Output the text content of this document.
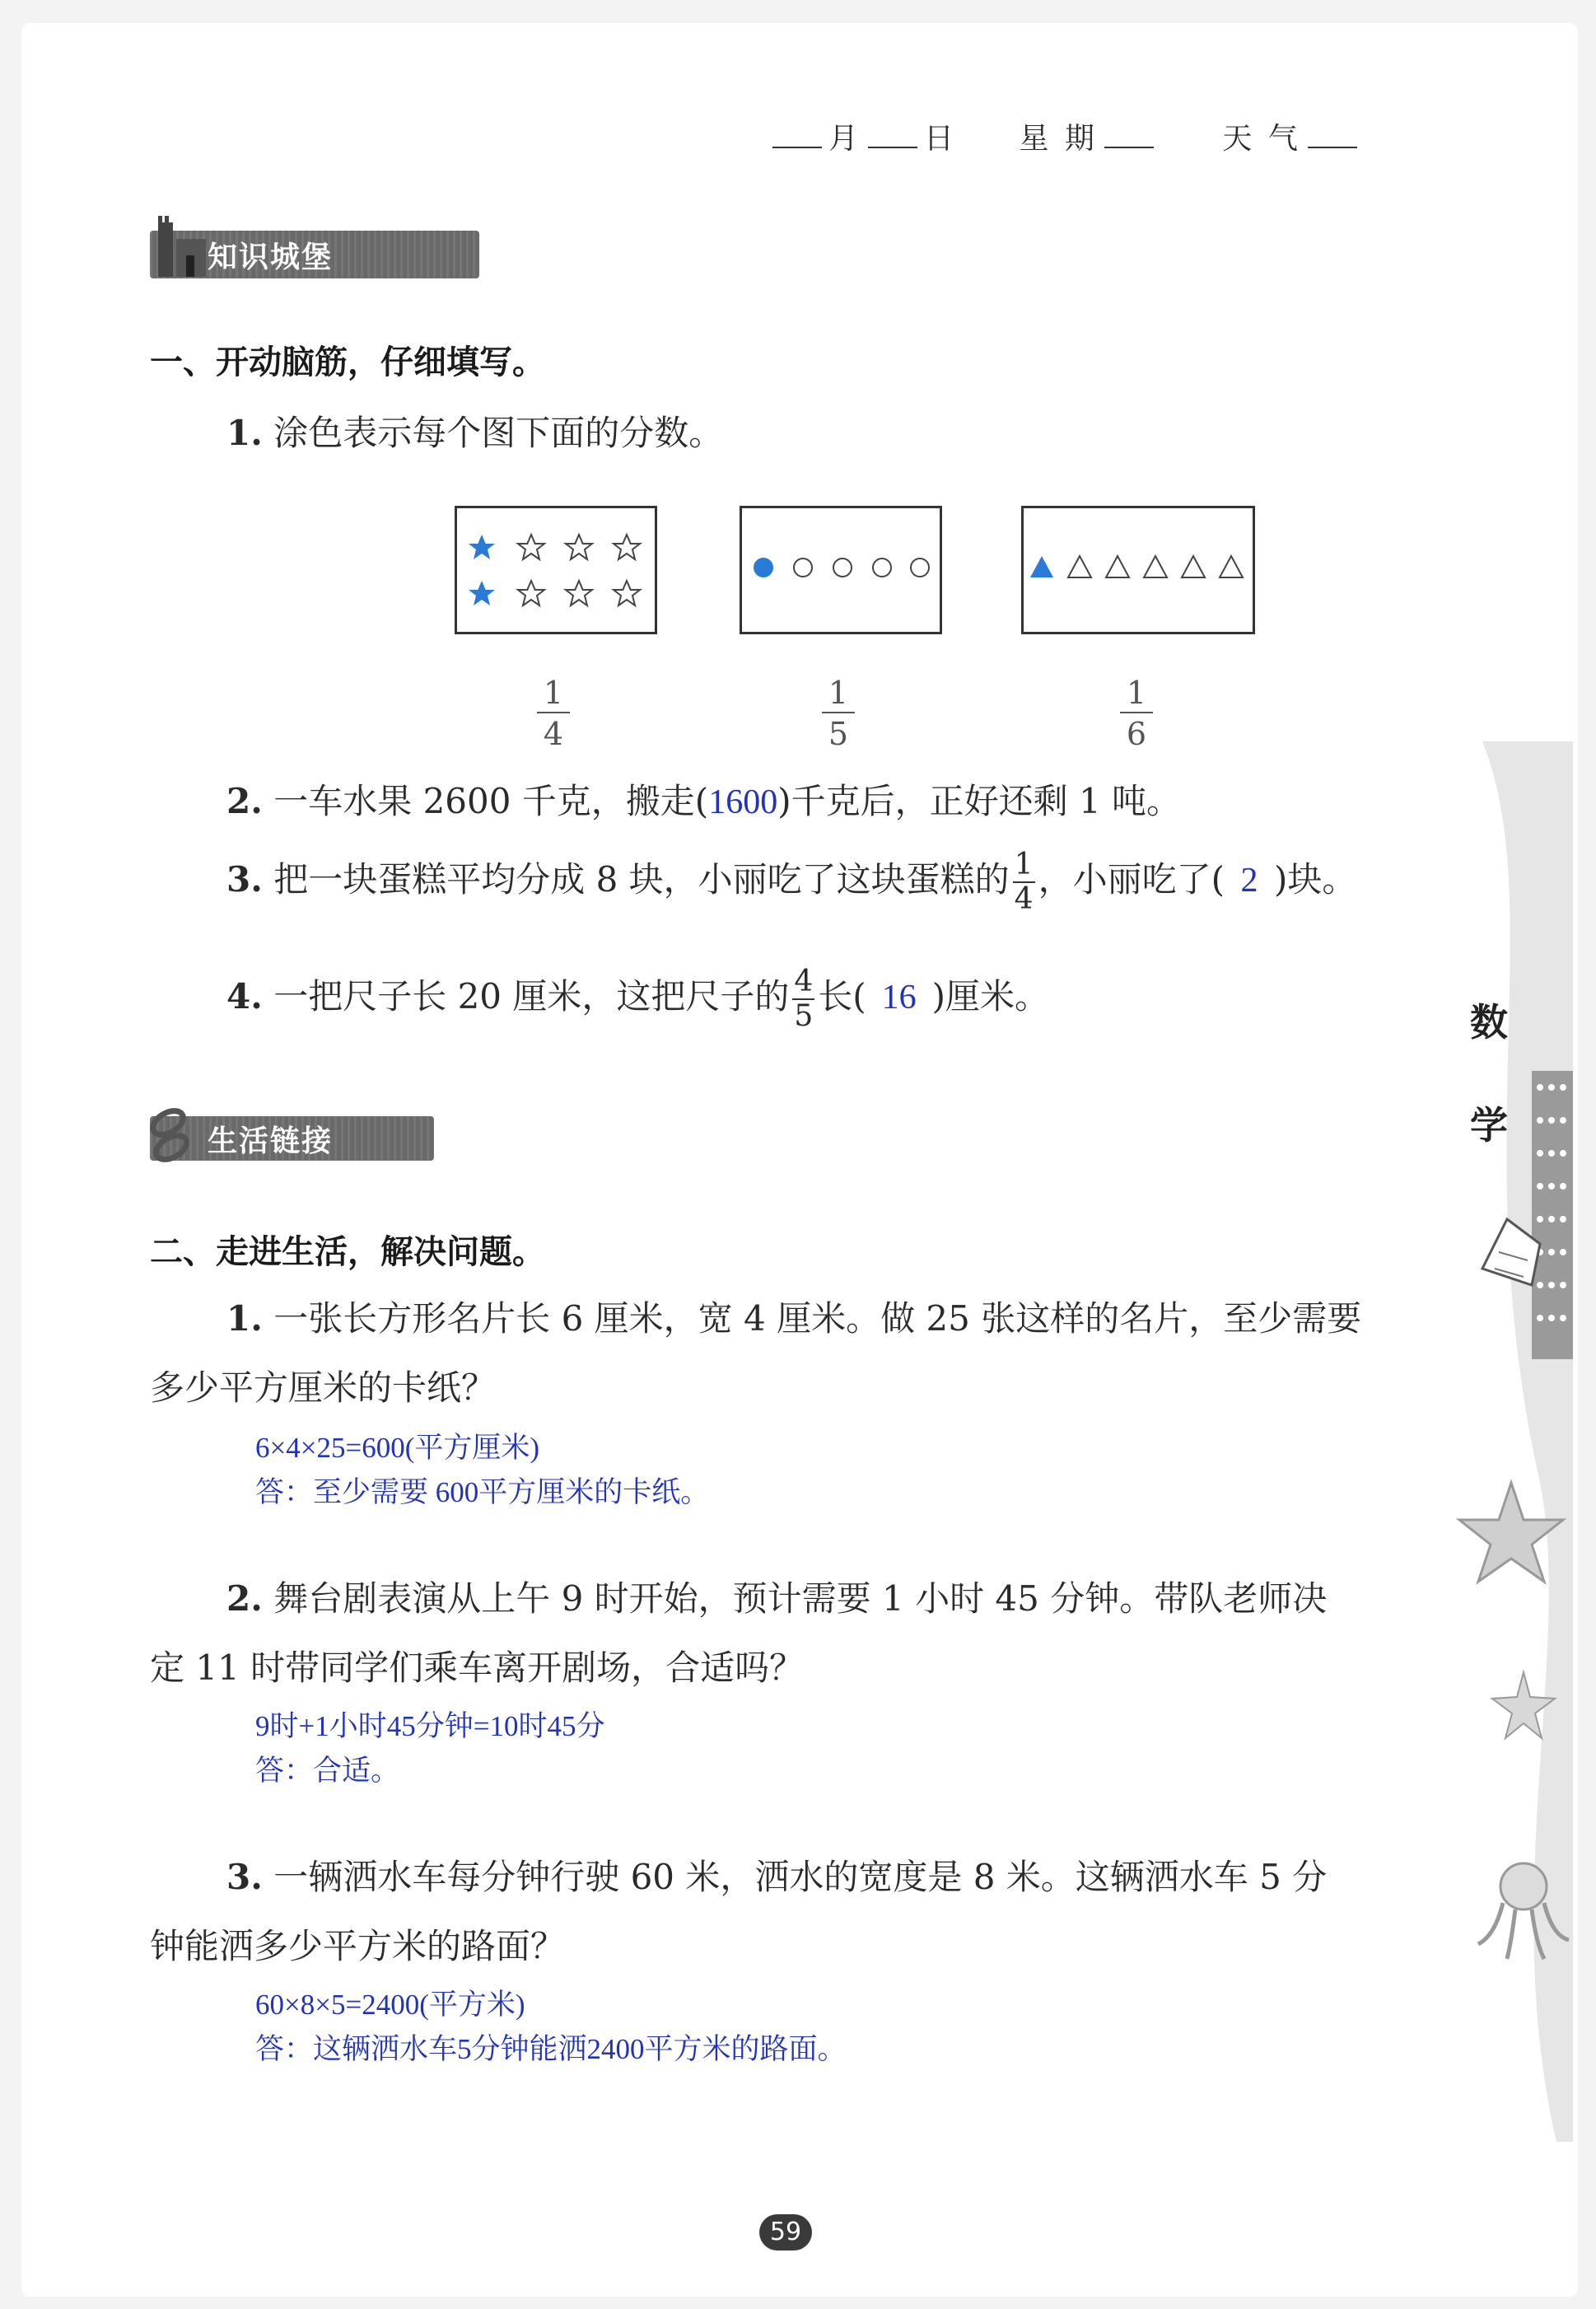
月 日 星 期	天 气
知识城堡
一、开动脑筋，仔细填写。
1. 涂色表示每个图下面的分数。
$\frac{1}{4}$	$\frac{1}{5}$	$\frac{1}{6}$
2. 一车水果 2600 千克，搬走(1600)千克后，正好还剩 1 吨。
3. 把一块蛋糕平均分成 8 块，小丽吃了这块蛋糕的 $\frac{1}{4}$ ，小丽吃了( 2 )块。
4. 一把尺子长 20 厘米，这把尺子的 $\frac{4}{5}$ 长( 16 )厘米。
生活链接
二、走进生活，解决问题。
1. 一张长方形名片长 6 厘米，宽 4 厘米。做 25 张这样的名片，至少需要
多少平方厘米的卡纸？
6×4×25=600(平方厘米)
答：至少需要 600平方厘米的卡纸。
2. 舞台剧表演从上午 9 时开始，预计需要 1 小时 45 分钟。带队老师决
定 11 时带同学们乘车离开剧场，合适吗？
9时+1小时45分钟=10时45分
答：合适。
3. 一辆洒水车每分钟行驶 60 米，洒水的宽度是 8 米。这辆洒水车 5 分
钟能洒多少平方米的路面？
60×8×5=2400(平方米)
答：这辆洒水车5分钟能洒2400平方米的路面。
数
学
59
